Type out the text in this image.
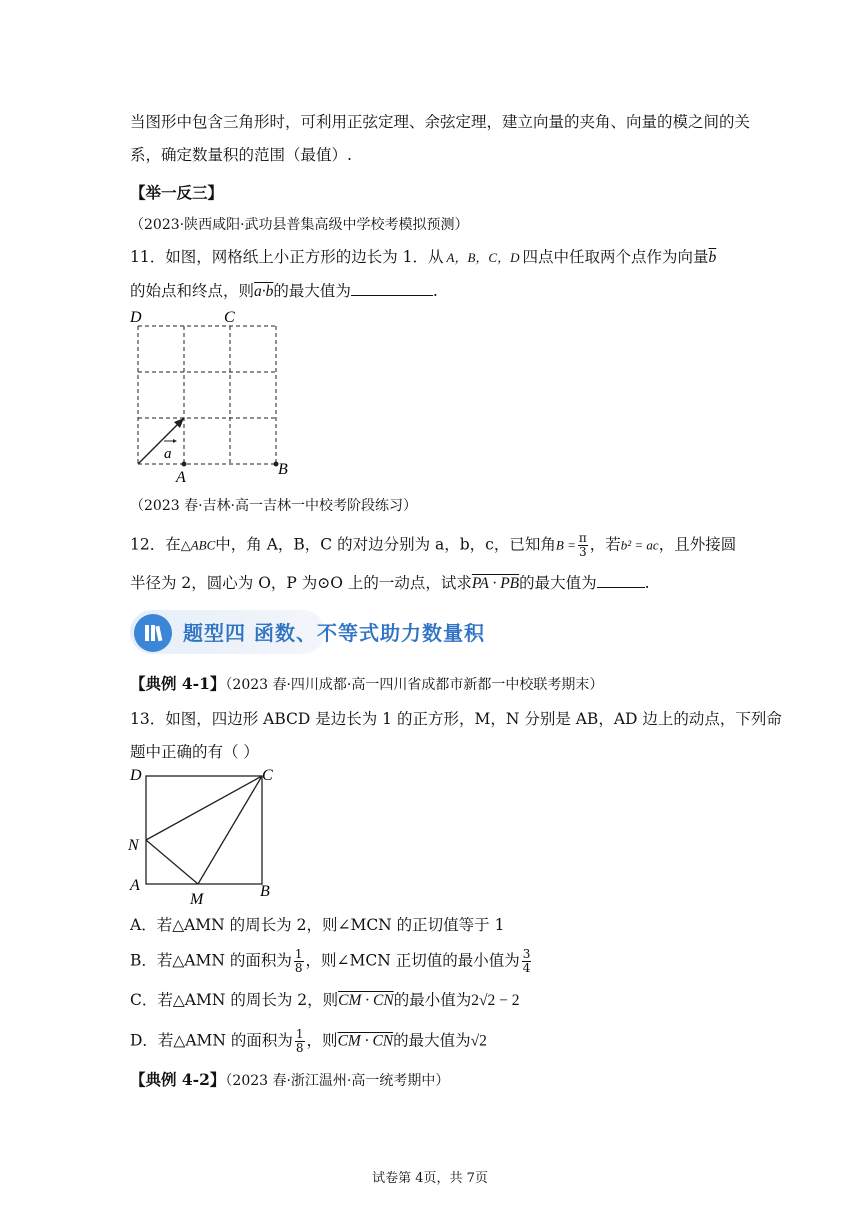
当图形中包含三角形时，可利用正弦定理、余弦定理，建立向量的夹角、向量的模之间的关
系，确定数量积的范围（最值）.
【举一反三】
（2023·陕西咸阳·武功县普集高级中学校考模拟预测）
11．如图，网格纸上小正方形的边长为 1．从 A，B，C，D 四点中任取两个点作为向量$\overline{b}$
的始点和终点，则a·b的最大值为	.
D	C
a
A	B
（2023 春·吉林·高一吉林一中校考阶段练习）
12．在△ABC中，角 A，B，C 的对边分别为 a，b，c，已知角$B = \frac{\pi}{3}$ ，若b² = ac，且外接圆
半径为 2，圆心为 O，P 为⊙O 上的一动点，试求PA · PB的最大值为	.
题型四 函数、不等式助力数量积
【典例 4-1】（2023 春·四川成都·高一四川省成都市新都一中校联考期末）
13．如图，四边形 ABCD 是边长为 1 的正方形，M，N 分别是 AB，AD 边上的动点，下列命
题中正确的有（ ）
D	C
N
A
M	B
A．若△AMN 的周长为 2，则∠MCN 的正切值等于 1
B．若△AMN 的面积为 $\frac{1}{8}$ ，则∠MCN 正切值的最小值为 $\frac{3}{4}$
C．若△AMN 的周长为 2，则CM · CN的最小值为2√2 − 2
D．若△AMN 的面积为 $\frac{1}{8}$ ，则CM · CN的最大值为√2
【典例 4-2】（2023 春·浙江温州·高一统考期中）
试卷第 4页，共 7页
